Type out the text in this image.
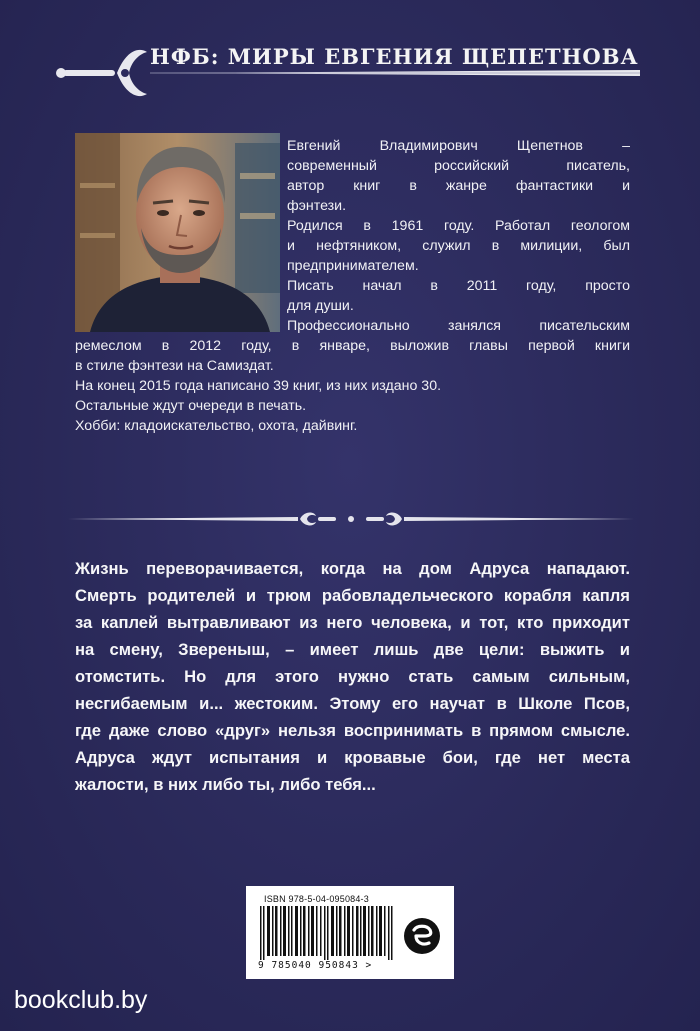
НФБ: МИРЫ ЕВГЕНИЯ ЩЕПЕТНОВА

Евгений Владимирович Щепетнов –

современный российский писатель,

автор книг в жанре фантастики и

фэнтези.

Родился в 1961 году. Работал геологом

и нефтяником, служил в милиции, был

предпринимателем.

Писать начал в 2011 году, просто

для души.

Профессионально занялся писательским

ремеслом в 2012 году, в январе, выложив главы первой книги

в стиле фэнтези на Самиздат.

На конец 2015 года написано 39 книг, из них издано 30.

Остальные ждут очереди в печать.

Хобби: кладоискательство, охота, дайвинг.

Жизнь переворачивается, когда на дом Адруса нападают.
Смерть родителей и трюм рабовладельческого корабля капля
за каплей вытравливают из него человека, и тот, кто приходит
на смену, Звереныш, – имеет лишь две цели: выжить и
отомстить. Но для этого нужно стать самым сильным,
несгибаемым и... жестоким. Этому его научат в Школе Псов,
где даже слово «друг» нельзя воспринимать в прямом смысле.
Адруса ждут испытания и кровавые бои, где нет места
жалости, в них либо ты, либо тебя...
ISBN 978-5-04-095084-3
9 785040 950843 >
bookclub.by
